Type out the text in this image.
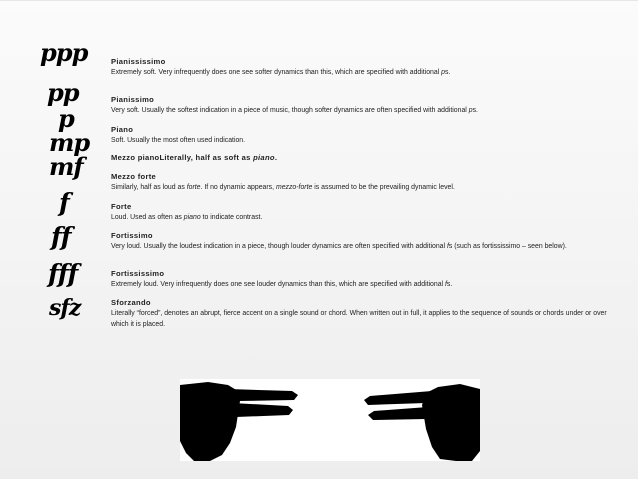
ppp
pp
p
mp
mf
f
ff
fff
sfz
Pianississimo
Extremely soft. Very infrequently does one see softer dynamics than this, which are specified with additional ps.
Pianissimo
Very soft. Usually the softest indication in a piece of music, though softer dynamics are often specified with additional ps.
Piano
Soft. Usually the most often used indication.
Mezzo pianoLiterally, half as soft as piano.
Mezzo forte
Similarly, half as loud as forte. If no dynamic appears, mezzo-forte is assumed to be the prevailing dynamic level.
Forte
Loud. Used as often as piano to indicate contrast.
Fortissimo
Very loud. Usually the loudest indication in a piece, though louder dynamics are often specified with additional fs (such as fortississimo – seen below).
Fortississimo
Extremely loud. Very infrequently does one see louder dynamics than this, which are specified with additional fs.
Sforzando
Literally “forced”, denotes an abrupt, fierce accent on a single sound or chord. When written out in full, it applies to the sequence of sounds or chords under or over which it is placed.
